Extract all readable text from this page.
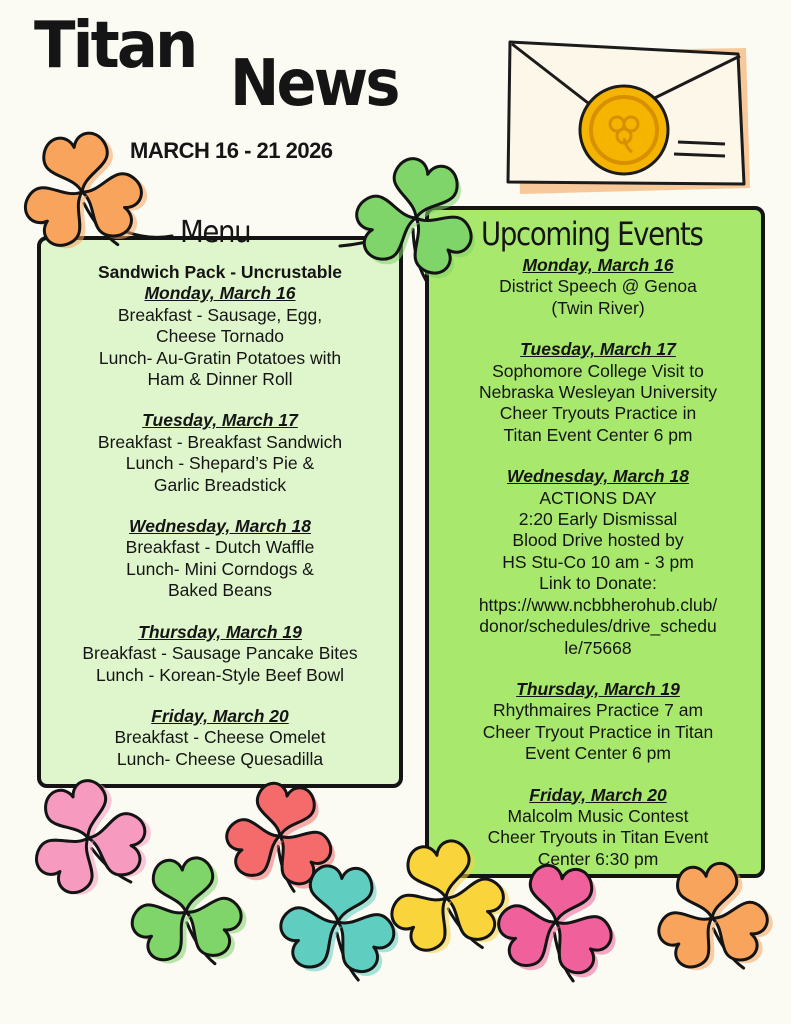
Titan
News
MARCH 16 - 21 2026
Menu	Upcoming Events
Sandwich Pack - Uncrustable
Monday, March 16
Breakfast - Sausage, Egg,
Cheese Tornado
Lunch- Au-Gratin Potatoes with
Ham & Dinner Roll
Tuesday, March 17
Breakfast - Breakfast Sandwich
Lunch - Shepard’s Pie &
Garlic Breadstick
Wednesday, March 18
Breakfast - Dutch Waffle
Lunch- Mini Corndogs &
Baked Beans
Thursday, March 19
Breakfast - Sausage Pancake Bites
Lunch - Korean-Style Beef Bowl
Friday, March 20
Breakfast - Cheese Omelet
Lunch- Cheese Quesadilla
Monday, March 16
District Speech @ Genoa
(Twin River)
Tuesday, March 17
Sophomore College Visit to
Nebraska Wesleyan University
Cheer Tryouts Practice in
Titan Event Center 6 pm
Wednesday, March 18
ACTIONS DAY
2:20 Early Dismissal
Blood Drive hosted by
HS Stu-Co 10 am - 3 pm
Link to Donate:
https://www.ncbbherohub.club/
donor/schedules/drive_schedu
le/75668
Thursday, March 19
Rhythmaires Practice 7 am
Cheer Tryout Practice in Titan
Event Center 6 pm
Friday, March 20
Malcolm Music Contest
Cheer Tryouts in Titan Event
Center 6:30 pm
